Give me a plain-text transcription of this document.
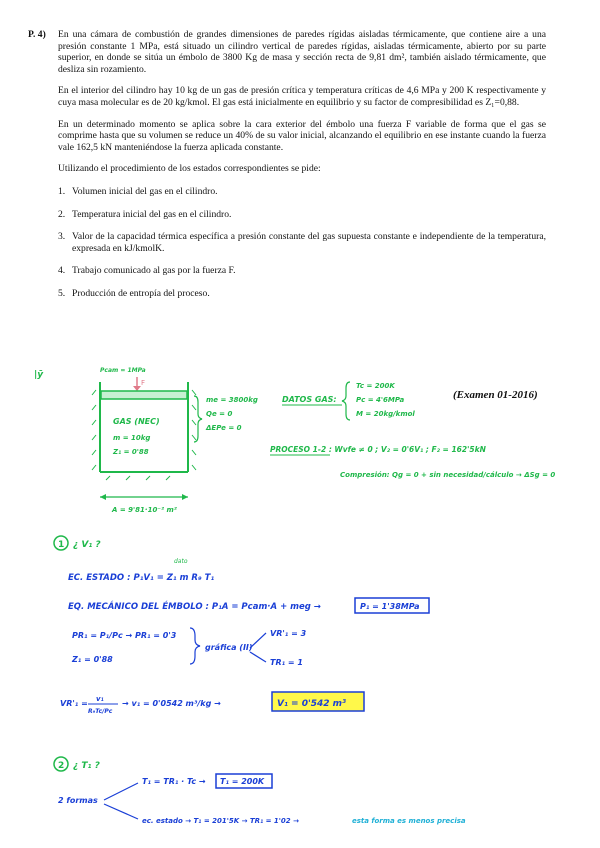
P. 4) En una cámara de combustión de grandes dimensiones de paredes rígidas aisladas térmicamente, que contiene aire a una presión constante 1 MPa, está situado un cilindro vertical de paredes rígidas, aisladas térmicamente, abierto por su parte superior, en donde se sitúa un émbolo de 3800 Kg de masa y sección recta de 9,81 dm², también aislado térmicamente, que desliza sin rozamiento.

En el interior del cilindro hay 10 kg de un gas de presión crítica y temperatura críticas de 4,6 MPa y 200 K respectivamente y cuya masa molecular es de 20 kg/kmol. El gas está inicialmente en equilibrio y su factor de compresibilidad es Z₁=0,88.

En un determinado momento se aplica sobre la cara exterior del émbolo una fuerza F variable de forma que el gas se comprime hasta que su volumen se reduce un 40% de su valor inicial, alcanzando el equilibrio en ese instante cuando la fuerza vale 162,5 kN manteniéndose la fuerza aplicada constante.

Utilizando el procedimiento de los estados correspondientes se pide:

1. Volumen inicial del gas en el cilindro.
2. Temperatura inicial del gas en el cilindro.
3. Valor de la capacidad térmica específica a presión constante del gas supuesta constante e independiente de la temperatura, expresada en kJ/kmolK.
4. Trabajo comunicado al gas por la fuerza F.
5. Producción de entropía del proceso.
(Examen 01-2016)
|ȳ	Pcam = 1MPa
F
GAS (NEC)
m = 10kg
Z₁ = 0'88
me = 3800kg
Qe = 0
ΔEPe = 0
A = 9'81·10⁻² m²
DATOS GAS:
Tc = 200K
Pc = 4'6MPa
M = 20kg/kmol
PROCESO 1-2 : Wvfe ≠ 0 ; V₂ = 0'6V₁ ; F₂ = 162'5kN
Compresión: Qg = 0 + sin necesidad/cálculo → ΔSg = 0
1 ¿ V₁ ?
dato
EC. ESTADO : P₁V₁ = Z₁ m R₉ T₁
EQ. MECÁNICO DEL ÉMBOLO : P₁A = Pcam·A + meg →	P₁ = 1'38MPa
PR₁ = P₁/Pc → PR₁ = 0'3
Z₁ = 0'88
gráfica (II)
VR'₁ = 3
TR₁ = 1
VR'₁ = v₁
R₉Tc/Pc
→ v₁ = 0'0542 m³/kg →	V₁ = 0'542 m³
2 ¿ T₁ ?
2 formas
T₁ = TR₁ · Tc → T₁ = 200K
ec. estado → T₁ = 201'5K → TR₁ = 1'02 →	esta forma es menos precisa
